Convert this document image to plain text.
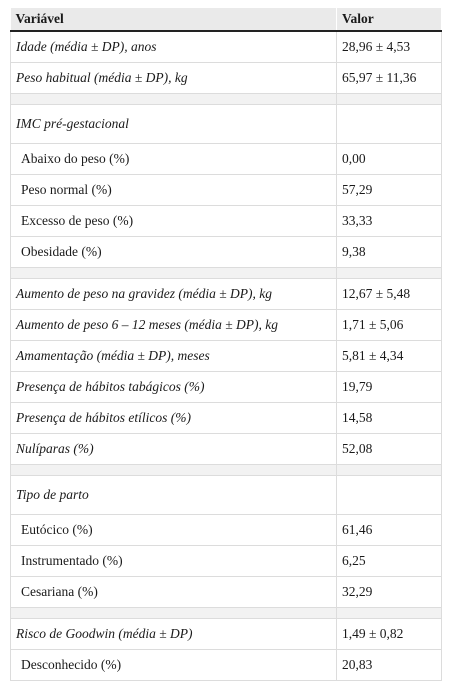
Variável	Valor
Idade (média ± DP), anos	28,96 ± 4,53
Peso habitual (média ± DP), kg	65,97 ± 11,36

IMC pré-gestacional	
Abaixo do peso (%)	0,00
Peso normal (%)	57,29
Excesso de peso (%)	33,33
Obesidade (%)	9,38

Aumento de peso na gravidez (média ± DP), kg	12,67 ± 5,48
Aumento de peso 6 – 12 meses (média ± DP), kg	1,71 ± 5,06
Amamentação (média ± DP), meses	5,81 ± 4,34
Presença de hábitos tabágicos (%)	19,79
Presença de hábitos etílicos (%)	14,58
Nulíparas (%)	52,08

Tipo de parto	
Eutócico (%)	61,46
Instrumentado (%)	6,25
Cesariana (%)	32,29

Risco de Goodwin (média ± DP)	1,49 ± 0,82
Desconhecido (%)	20,83
